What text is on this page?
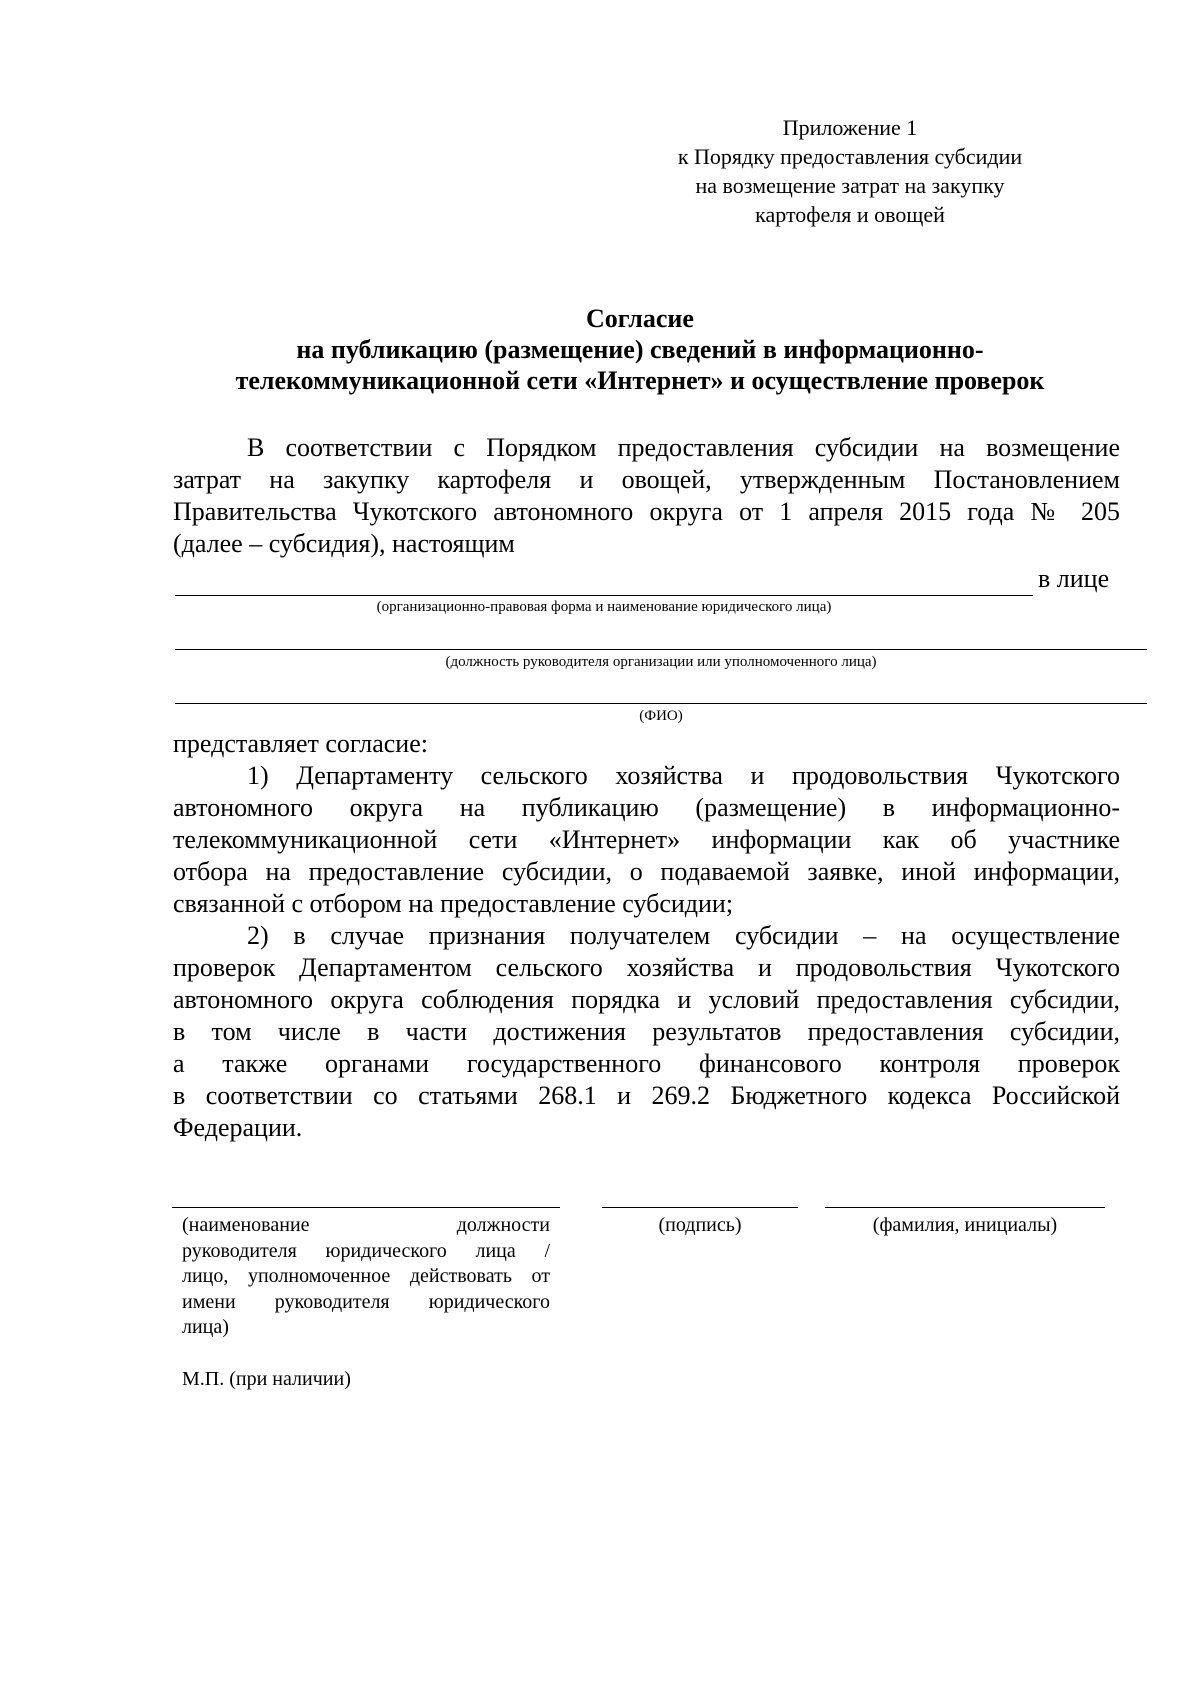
Приложение 1
к Порядку предоставления субсидии
на возмещение затрат на закупку
картофеля и овощей
Согласие
на публикацию (размещение) сведений в информационно-
телекоммуникационной сети «Интернет» и осуществление проверок
В соответствии с Порядком предоставления субсидии на возмещение
затрат на закупку картофеля и овощей, утвержденным Постановлением
Правительства Чукотского автономного округа от 1 апреля 2015 года № 205
(далее – субсидия), настоящим
в лице
(организационно-правовая форма и наименование юридического лица)
(должность руководителя организации или уполномоченного лица)
(ФИО)
представляет согласие:
1) Департаменту сельского хозяйства и продовольствия Чукотского
автономного округа на публикацию (размещение) в информационно-
телекоммуникационной сети «Интернет» информации как об участнике
отбора на предоставление субсидии, о подаваемой заявке, иной информации,
связанной с отбором на предоставление субсидии;
2) в случае признания получателем субсидии – на осуществление
проверок Департаментом сельского хозяйства и продовольствия Чукотского
автономного округа соблюдения порядка и условий предоставления субсидии,
в том числе в части достижения результатов предоставления субсидии,
а также органами государственного финансового контроля проверок
в соответствии со статьями 268.1 и 269.2 Бюджетного кодекса Российской
Федерации.
(наименование должности
руководителя юридического лица /
лицо, уполномоченное действовать от
имени руководителя юридического
лица)
(подпись)	(фамилия, инициалы)
М.П. (при наличии)
